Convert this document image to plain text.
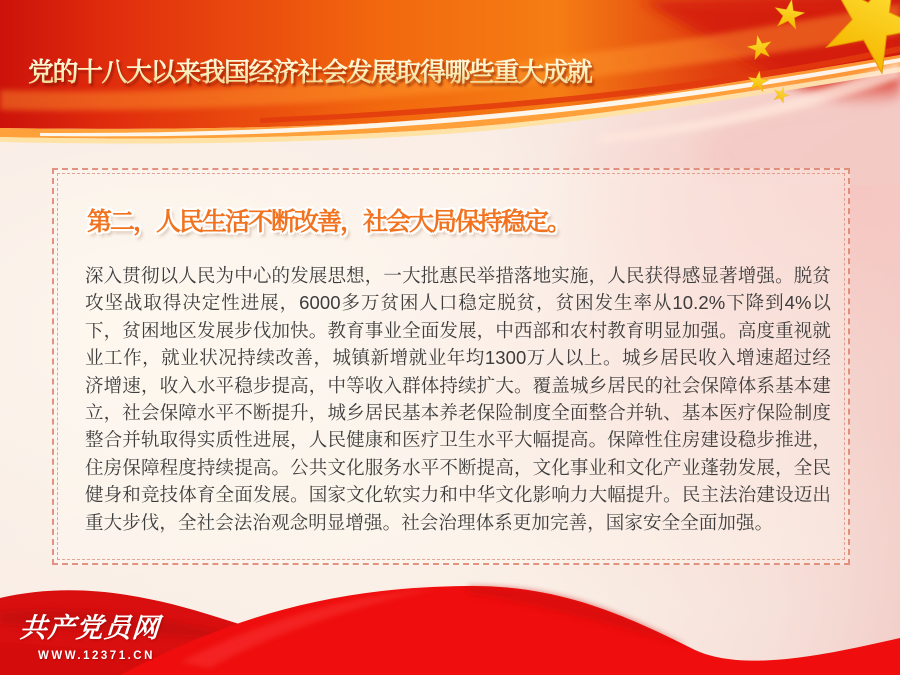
党的十八大以来我国经济社会发展取得哪些重大成就
第二，人民生活不断改善，社会大局保持稳定。

深入贯彻以人民为中心的发展思想，一大批惠民举措落地实施，人民获得感显著增强。脱贫攻坚战取得决定性进展，6000多万贫困人口稳定脱贫，贫困发生率从10.2%下降到4%以下，贫困地区发展步伐加快。教育事业全面发展，中西部和农村教育明显加强。高度重视就业工作，就业状况持续改善，城镇新增就业年均1300万人以上。城乡居民收入增速超过经济增速，收入水平稳步提高，中等收入群体持续扩大。覆盖城乡居民的社会保障体系基本建立，社会保障水平不断提升，城乡居民基本养老保险制度全面整合并轨、基本医疗保险制度整合并轨取得实质性进展，人民健康和医疗卫生水平大幅提高。保障性住房建设稳步推进，住房保障程度持续提高。公共文化服务水平不断提高，文化事业和文化产业蓬勃发展，全民健身和竞技体育全面发展。国家文化软实力和中华文化影响力大幅提升。民主法治建设迈出重大步伐，全社会法治观念明显增强。社会治理体系更加完善，国家安全全面加强。

共产党员网
WWW.12371.CN
